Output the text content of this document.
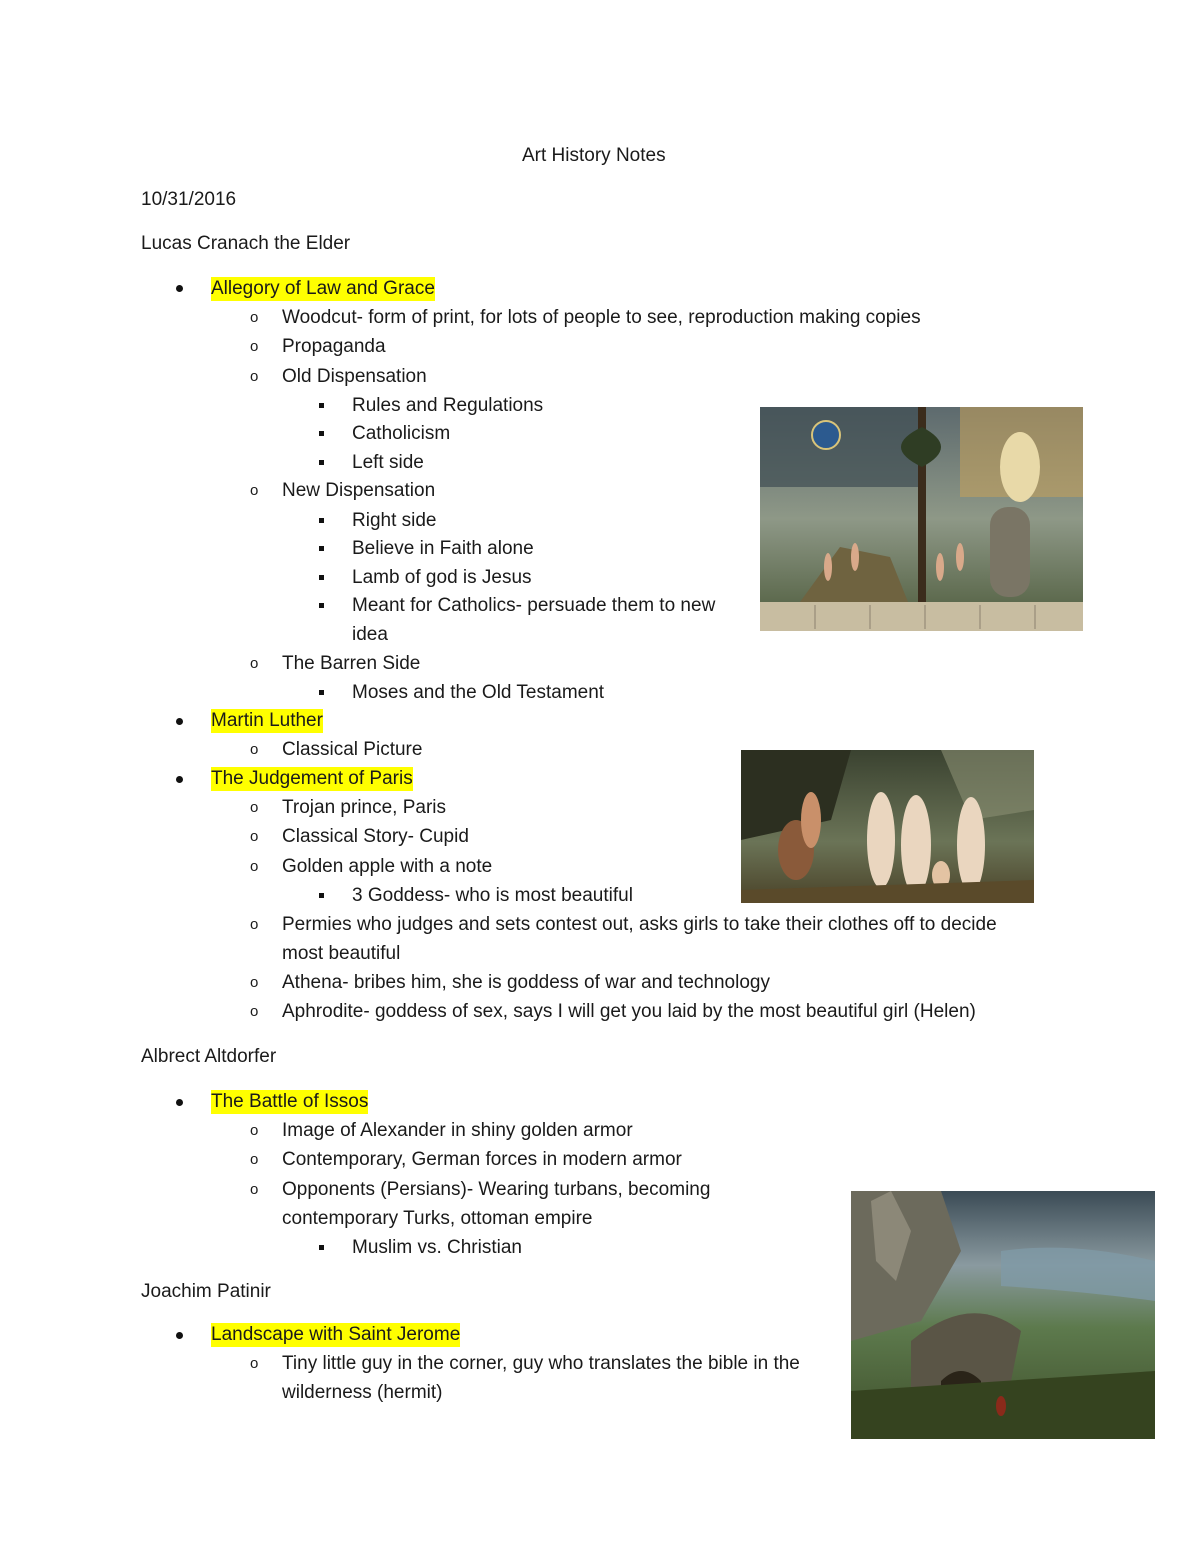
Art History Notes
10/31/2016
Lucas Cranach the Elder
Allegory of Law and Grace
o Woodcut- form of print, for lots of people to see, reproduction making copies
o Propaganda
o Old Dispensation
Rules and Regulations
Catholicism
Left side
o New Dispensation
Right side
Believe in Faith alone
Lamb of god is Jesus
Meant for Catholics- persuade them to new
idea
o The Barren Side
Moses and the Old Testament
Martin Luther
o Classical Picture
The Judgement of Paris
o Trojan prince, Paris
o Classical Story- Cupid
o Golden apple with a note
3 Goddess- who is most beautiful
o Permies who judges and sets contest out, asks girls to take their clothes off to decide
most beautiful
o Athena- bribes him, she is goddess of war and technology
o Aphrodite- goddess of sex, says I will get you laid by the most beautiful girl (Helen)
Albrect Altdorfer
The Battle of Issos
o Image of Alexander in shiny golden armor
o Contemporary, German forces in modern armor
o Opponents (Persians)- Wearing turbans, becoming
contemporary Turks, ottoman empire
Muslim vs. Christian
Joachim Patinir
Landscape with Saint Jerome
o Tiny little guy in the corner, guy who translates the bible in the
wilderness (hermit)
